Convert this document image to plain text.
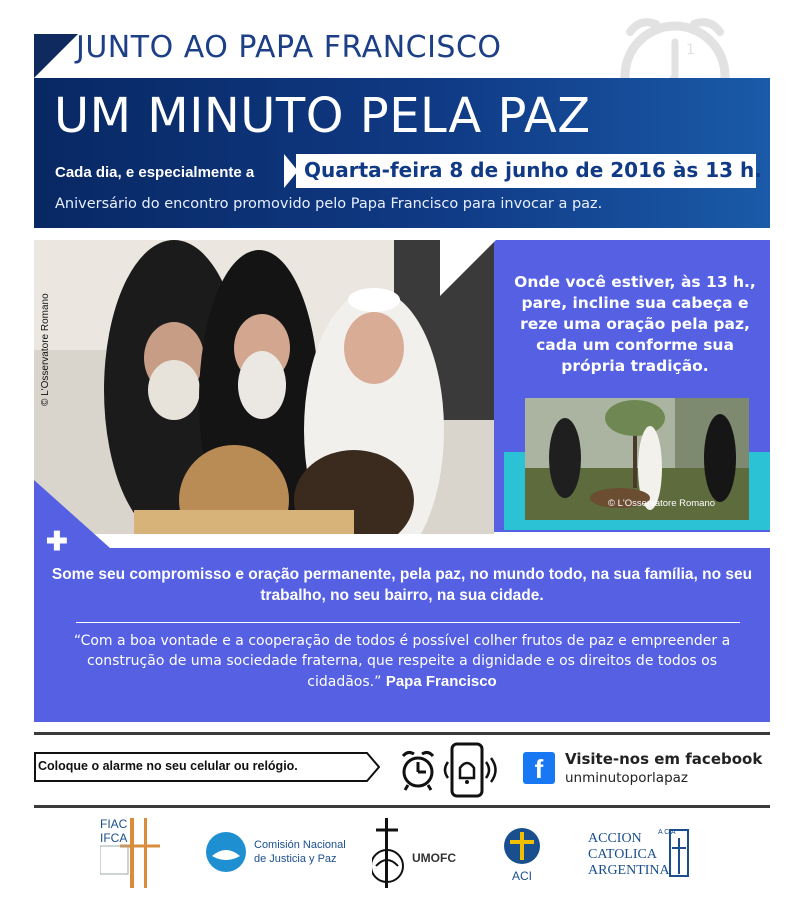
JUNTO AO PAPA FRANCISCO	1
UM MINUTO PELA PAZ
Cada dia, e especialmente a Quarta-feira 8 de junho de 2016 às 13 h.
Aniversário do encontro promovido pelo Papa Francisco para invocar a paz.
© L'Osservatore Romano
Onde você estiver, às 13 h., pare, incline sua cabeça e reze uma oração pela paz, cada um conforme sua própria tradição.
© L'Osservatore Romano
✚
Some seu compromisso e oração permanente, pela paz, no mundo todo, na sua família, no seu trabalho, no seu bairro, na sua cidade.
“Com a boa vontade e a cooperação de todos é possível colher frutos de paz e empreender a construção de uma sociedade fraterna, que respeite a dignidade e os direitos de todos os cidadãos.” Papa Francisco
Coloque o alarme no seu celular ou relógio.	f	Visite-nos em facebook
unminutoporlapaz
FIAC
IFCA	Comisión Nacional
de Justicia y Paz	UMOFC
ACI
ACCION
CATOLICA
ARGENTINA
A C A
